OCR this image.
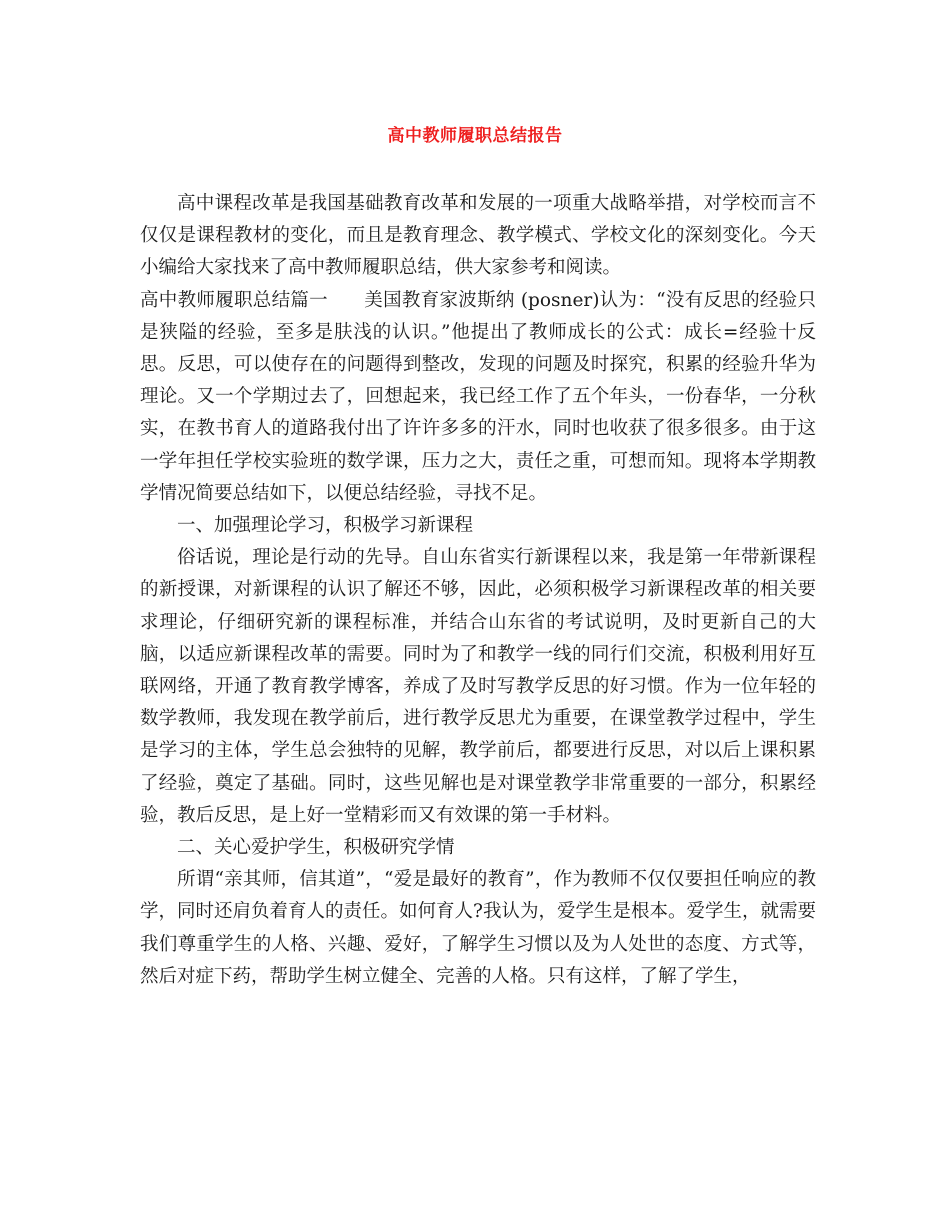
高中教师履职总结报告

高中课程改革是我国基础教育改革和发展的一项重大战略举措，对学校而言不仅仅是课程教材的变化，而且是教育理念、教学模式、学校文化的深刻变化。今天小编给大家找来了高中教师履职总结，供大家参考和阅读。

高中教师履职总结篇一 美国教育家波斯纳 (posner)认为：“没有反思的经验只是狭隘的经验，至多是肤浅的认识。”他提出了教师成长的公式：成长=经验十反思。反思，可以使存在的问题得到整改，发现的问题及时探究，积累的经验升华为理论。又一个学期过去了，回想起来，我已经工作了五个年头，一份春华，一分秋实，在教书育人的道路我付出了许许多多的汗水，同时也收获了很多很多。由于这一学年担任学校实验班的数学课，压力之大，责任之重，可想而知。现将本学期教学情况简要总结如下，以便总结经验，寻找不足。

一、加强理论学习，积极学习新课程

俗话说，理论是行动的先导。自山东省实行新课程以来，我是第一年带新课程的新授课，对新课程的认识了解还不够，因此，必须积极学习新课程改革的相关要求理论，仔细研究新的课程标准，并结合山东省的考试说明，及时更新自己的大脑，以适应新课程改革的需要。同时为了和教学一线的同行们交流，积极利用好互联网络，开通了教育教学博客，养成了及时写教学反思的好习惯。作为一位年轻的数学教师，我发现在教学前后，进行教学反思尤为重要，在课堂教学过程中，学生是学习的主体，学生总会独特的见解，教学前后，都要进行反思，对以后上课积累了经验，奠定了基础。同时，这些见解也是对课堂教学非常重要的一部分，积累经验，教后反思，是上好一堂精彩而又有效课的第一手材料。

二、关心爱护学生，积极研究学情

所谓“亲其师，信其道”，“爱是最好的教育”，作为教师不仅仅要担任响应的教学，同时还肩负着育人的责任。如何育人?我认为，爱学生是根本。爱学生，就需要我们尊重学生的人格、兴趣、爱好，了解学生习惯以及为人处世的态度、方式等，然后对症下药，帮助学生树立健全、完善的人格。只有这样，了解了学生，
